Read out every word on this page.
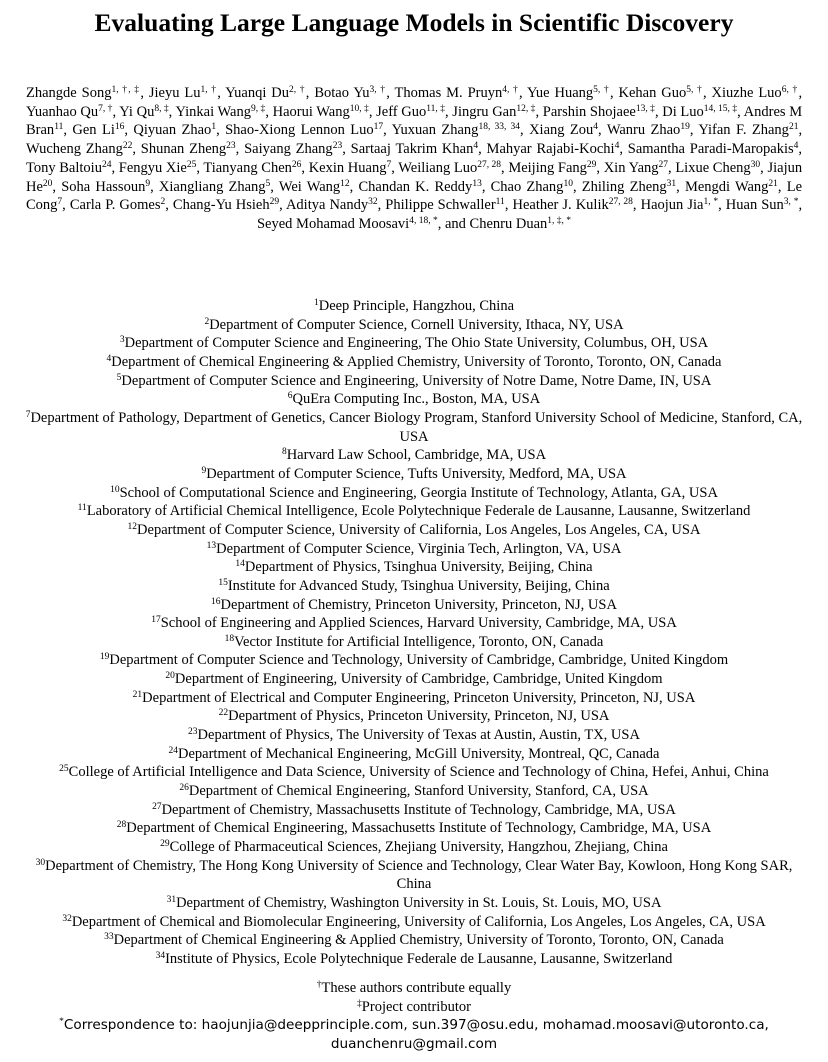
Evaluating Large Language Models in Scientific Discovery

Zhangde Song$^{1, \dagger, \ddagger}$, Jieyu $Lu^{1, \dagger}$, Yuanqi $Du^{2, \dagger}$, Botao $Yu^{3, \dagger}$, Thomas M. Pruyn$^{4, \dagger}$, Yue Huang$^{5, \dagger}$, Kehan Guo$^{5, \dagger}$, Xiuzhe Luo$^{6, \dagger}$, Yuanhao $Qu^{7, \dagger}$, Yi $Qu^{8, \ddagger}$, Yinkai Wang$^{9, \ddagger}$, Haorui Wang$^{10, \ddagger}$, Jeff Guo$^{11, \ddagger}$, Jingru Gan$^{12, \ddagger}$, Parshin Shojaee$^{13, \ddagger}$, Di Luo$^{14, 15, \ddagger}$, Andres M Bran$^{11}$, Gen Li$^{16}$, Qiyuan Zhao$^1$, Shao-Xiong Lennon Luo$^{17}$, Yuxuan Zhang$^{18, 33, 34}$, Xiang Zou$^4$, Wanru Zhao$^{19}$, Yifan F. Zhang$^{21}$, Wucheng Zhang$^{22}$, Shunan Zheng$^{23}$, Saiyang Zhang$^{23}$, Sartaaj Takrim Khan$^4$, Mahyar Rajabi-Kochi$^4$, Samantha Paradi-Maropakis$^4$, Tony Baltoiu$^{24}$, Fengyu Xie$^{25}$, Tianyang Chen$^{26}$, Kexin Huang$^7$, Weiliang Luo$^{27, 28}$, Meijing Fang$^{29}$, Xin Yang$^{27}$, Lixue Cheng$^{30}$, Jiajun He$^{20}$, Soha Hassoun$^9$, Xiangliang Zhang$^5$, Wei Wang$^{12}$, Chandan K. Reddy$^{13}$, Chao Zhang$^{10}$, Zhiling Zheng$^{31}$, Mengdi Wang$^{21}$, Le Cong$^7$, Carla P. Gomes$^2$, Chang-Yu Hsieh$^{29}$, Aditya Nandy$^{32}$, Philippe Schwaller$^{11}$, Heather J. Kulik$^{27, 28}$, Haojun Jia$^{1, *}$, Huan Sun$^{3, *}$, Seyed Mohamad Moosavi$^{4, 18, *}$, and Chenru Duan$^{1, \ddagger, *}$

$^1$Deep Principle, Hangzhou, China
$^2$Department of Computer Science, Cornell University, Ithaca, NY, USA
$^3$Department of Computer Science and Engineering, The Ohio State University, Columbus, OH, USA
$^4$Department of Chemical Engineering & Applied Chemistry, University of Toronto, Toronto, ON, Canada
$^5$Department of Computer Science and Engineering, University of Notre Dame, Notre Dame, IN, USA
$^6$QuEra Computing Inc., Boston, MA, USA
$^7$Department of Pathology, Department of Genetics, Cancer Biology Program, Stanford University School of Medicine, Stanford, CA, USA
$^8$Harvard Law School, Cambridge, MA, USA
$^9$Department of Computer Science, Tufts University, Medford, MA, USA
$^{10}$School of Computational Science and Engineering, Georgia Institute of Technology, Atlanta, GA, USA
$^{11}$Laboratory of Artificial Chemical Intelligence, Ecole Polytechnique Federale de Lausanne, Lausanne, Switzerland
$^{12}$Department of Computer Science, University of California, Los Angeles, Los Angeles, CA, USA
$^{13}$Department of Computer Science, Virginia Tech, Arlington, VA, USA
$^{14}$Department of Physics, Tsinghua University, Beijing, China
$^{15}$Institute for Advanced Study, Tsinghua University, Beijing, China
$^{16}$Department of Chemistry, Princeton University, Princeton, NJ, USA
$^{17}$School of Engineering and Applied Sciences, Harvard University, Cambridge, MA, USA
$^{18}$Vector Institute for Artificial Intelligence, Toronto, ON, Canada
$^{19}$Department of Computer Science and Technology, University of Cambridge, Cambridge, United Kingdom
$^{20}$Department of Engineering, University of Cambridge, Cambridge, United Kingdom
$^{21}$Department of Electrical and Computer Engineering, Princeton University, Princeton, NJ, USA
$^{22}$Department of Physics, Princeton University, Princeton, NJ, USA
$^{23}$Department of Physics, The University of Texas at Austin, Austin, TX, USA
$^{24}$Department of Mechanical Engineering, McGill University, Montreal, QC, Canada
$^{25}$College of Artificial Intelligence and Data Science, University of Science and Technology of China, Hefei, Anhui, China
$^{26}$Department of Chemical Engineering, Stanford University, Stanford, CA, USA
$^{27}$Department of Chemistry, Massachusetts Institute of Technology, Cambridge, MA, USA
$^{28}$Department of Chemical Engineering, Massachusetts Institute of Technology, Cambridge, MA, USA
$^{29}$College of Pharmaceutical Sciences, Zhejiang University, Hangzhou, Zhejiang, China
$^{30}$Department of Chemistry, The Hong Kong University of Science and Technology, Clear Water Bay, Kowloon, Hong Kong SAR, China
$^{31}$Department of Chemistry, Washington University in St. Louis, St. Louis, MO, USA
$^{32}$Department of Chemical and Biomolecular Engineering, University of California, Los Angeles, Los Angeles, CA, USA
$^{33}$Department of Chemical Engineering & Applied Chemistry, University of Toronto, Toronto, ON, Canada
$^{34}$Institute of Physics, Ecole Polytechnique Federale de Lausanne, Lausanne, Switzerland
†These authors contribute equally
‡Project contributor
*Correspondence to: haojunjia@deepprinciple.com, sun.397@osu.edu, mohamad.moosavi@utoronto.ca, duanchenru@gmail.com
